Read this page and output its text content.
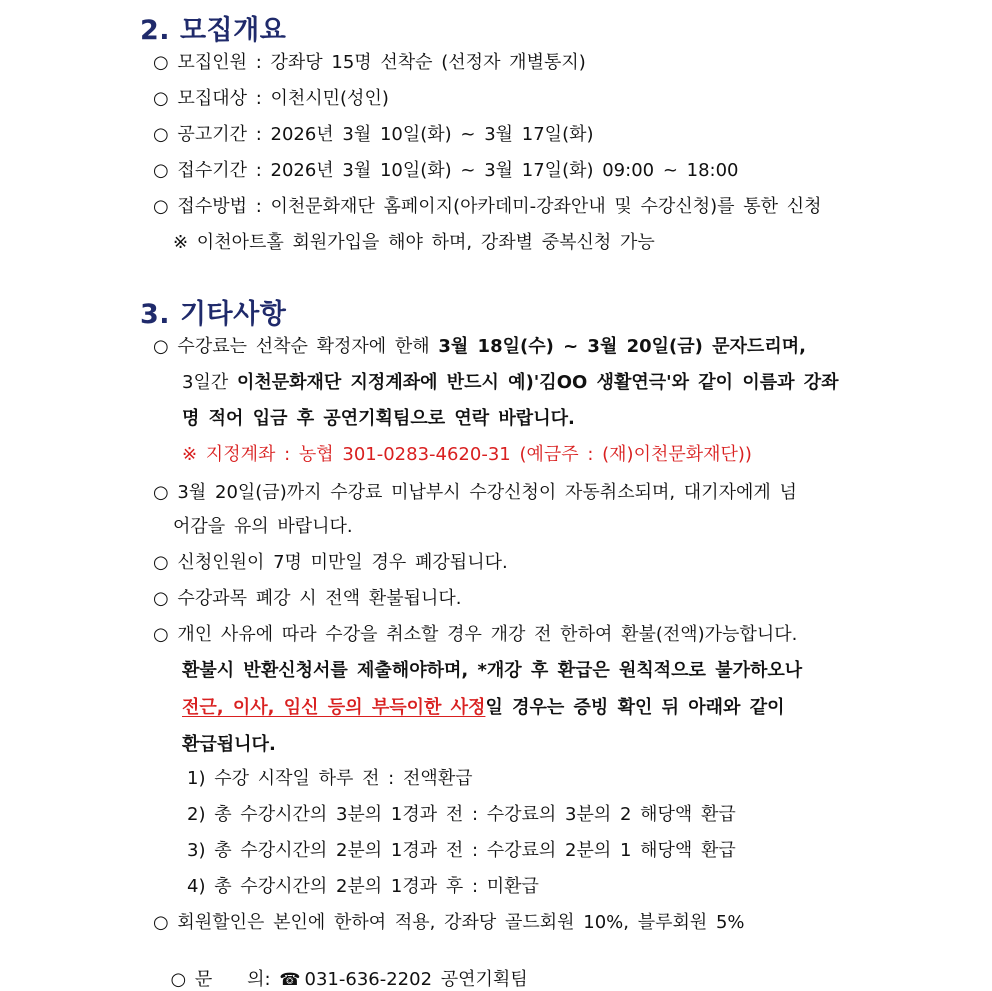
2. 모집개요
○ 모집인원 : 강좌당 15명 선착순 (선정자 개별통지)
○ 모집대상 : 이천시민(성인)
○ 공고기간 : 2026년 3월 10일(화) ~ 3월 17일(화)
○ 접수기간 : 2026년 3월 10일(화) ~ 3월 17일(화) 09:00 ~ 18:00
○ 접수방법 : 이천문화재단 홈페이지(아카데미-강좌안내 및 수강신청)를 통한 신청
※ 이천아트홀 회원가입을 해야 하며, 강좌별 중복신청 가능
3. 기타사항
○ 수강료는 선착순 확정자에 한해 3월 18일(수) ~ 3월 20일(금) 문자드리며,
3일간 이천문화재단 지정계좌에 반드시 예)'김OO 생활연극'와 같이 이름과 강좌
명 적어 입금 후 공연기획팀으로 연락 바랍니다.
※ 지정계좌 : 농협 301-0283-4620-31 (예금주 : (재)이천문화재단))
○ 3월 20일(금)까지 수강료 미납부시 수강신청이 자동취소되며, 대기자에게 넘
어감을 유의 바랍니다.
○ 신청인원이 7명 미만일 경우 폐강됩니다.
○ 수강과목 폐강 시 전액 환불됩니다.
○ 개인 사유에 따라 수강을 취소할 경우 개강 전 한하여 환불(전액)가능합니다.
환불시 반환신청서를 제출해야하며, *개강 후 환급은 원칙적으로 불가하오나
전근, 이사, 임신 등의 부득이한 사정일 경우는 증빙 확인 뒤 아래와 같이
환급됩니다.
1) 수강 시작일 하루 전 : 전액환급
2) 총 수강시간의 3분의 1경과 전 : 수강료의 3분의 2 해당액 환급
3) 총 수강시간의 2분의 1경과 전 : 수강료의 2분의 1 해당액 환급
4) 총 수강시간의 2분의 1경과 후 : 미환급
○ 회원할인은 본인에 한하여 적용, 강좌당 골드회원 10%, 블루회원 5%

○ 문    의: ☎ 031-636-2202 공연기획팀
